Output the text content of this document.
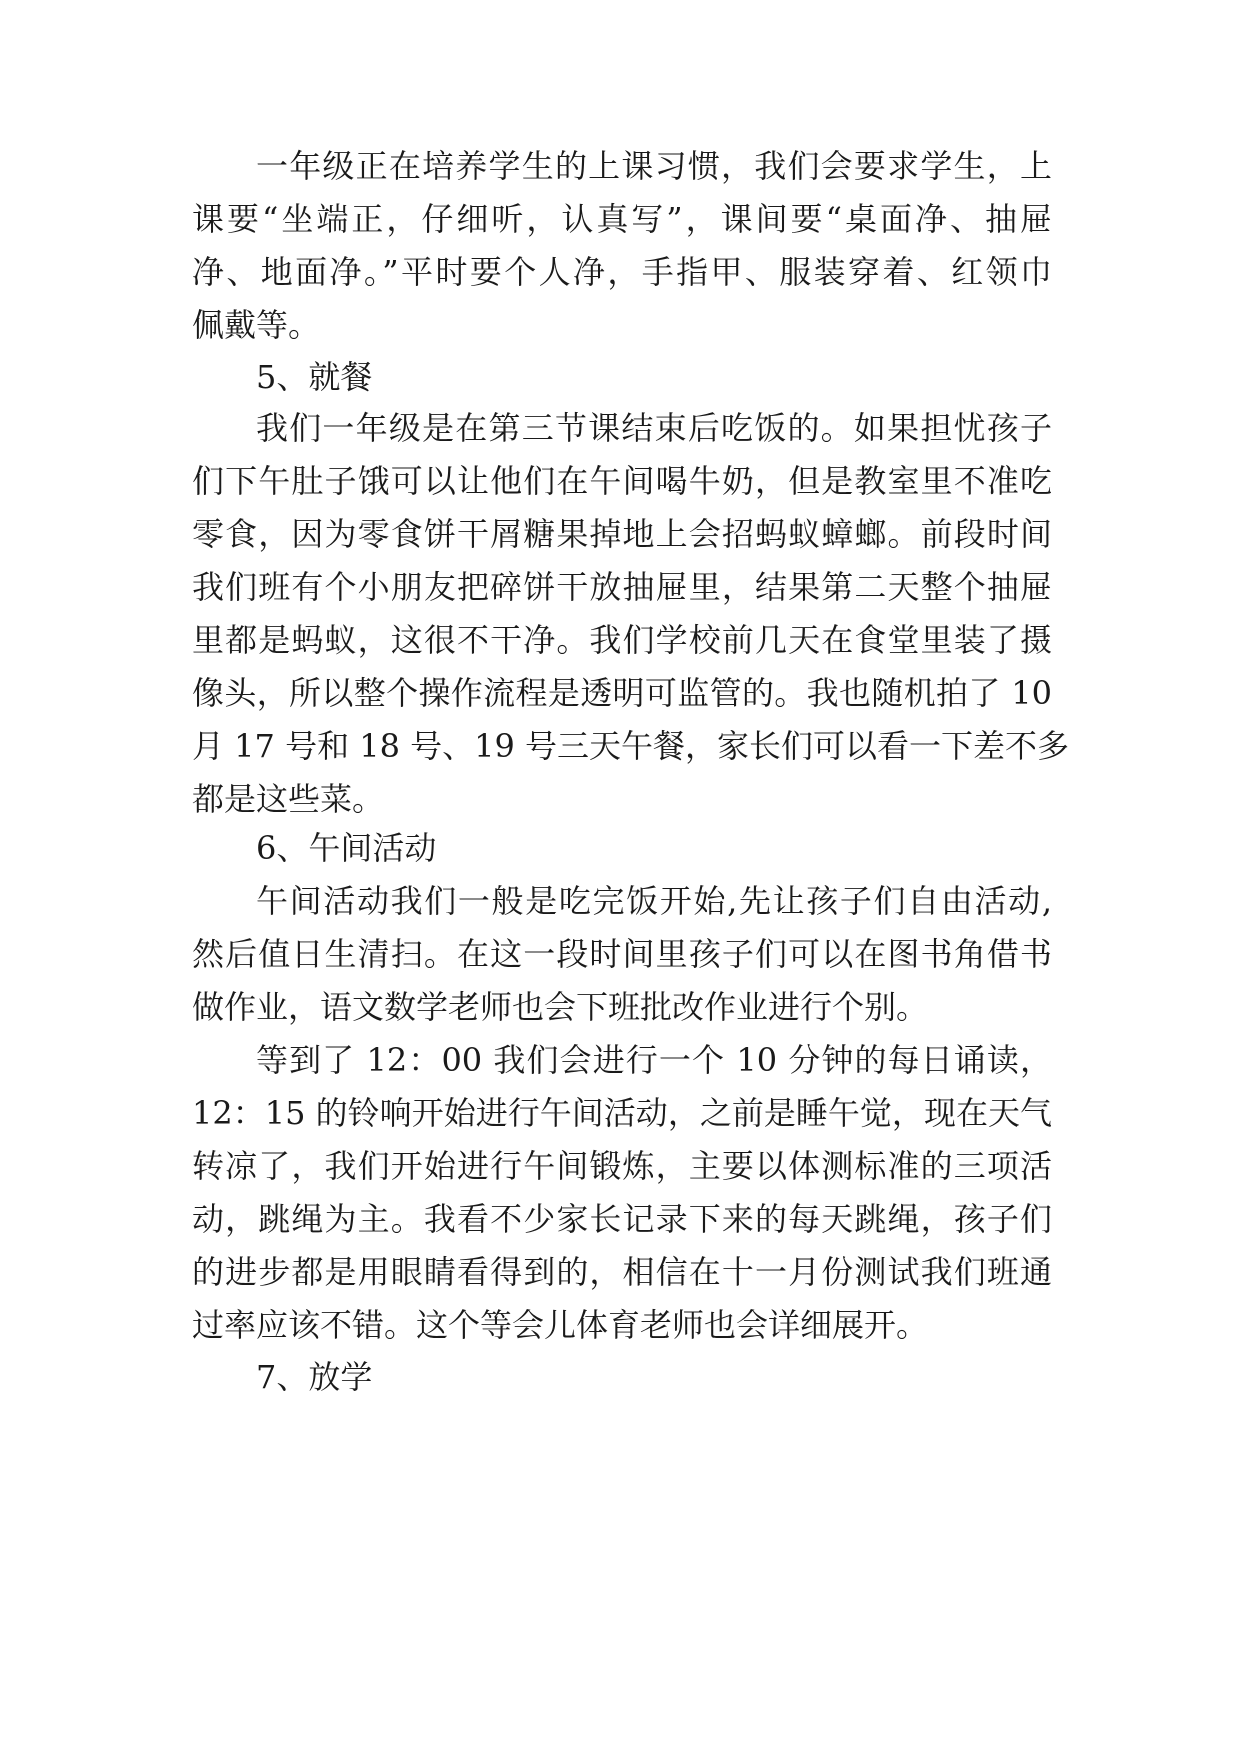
一年级正在培养学生的上课习惯，我们会要求学生，上
课要“坐端正，仔细听，认真写”，课间要“桌面净、抽屉
净、地面净。”平时要个人净，手指甲、服装穿着、红领巾
佩戴等。
5、就餐
我们一年级是在第三节课结束后吃饭的。如果担忧孩子
们下午肚子饿可以让他们在午间喝牛奶，但是教室里不准吃
零食，因为零食饼干屑糖果掉地上会招蚂蚁蟑螂。前段时间
我们班有个小朋友把碎饼干放抽屉里，结果第二天整个抽屉
里都是蚂蚁，这很不干净。我们学校前几天在食堂里装了摄
像头，所以整个操作流程是透明可监管的。我也随机拍了 10
月 17 号和 18 号、19 号三天午餐，家长们可以看一下差不多
都是这些菜。
6、午间活动
午间活动我们一般是吃完饭开始,先让孩子们自由活动,
然后值日生清扫。在这一段时间里孩子们可以在图书角借书
做作业，语文数学老师也会下班批改作业进行个别。
等到了 12：00 我们会进行一个 10 分钟的每日诵读，
12：15 的铃响开始进行午间活动，之前是睡午觉，现在天气
转凉了，我们开始进行午间锻炼，主要以体测标准的三项活
动，跳绳为主。我看不少家长记录下来的每天跳绳，孩子们
的进步都是用眼睛看得到的，相信在十一月份测试我们班通
过率应该不错。这个等会儿体育老师也会详细展开。
7、放学
